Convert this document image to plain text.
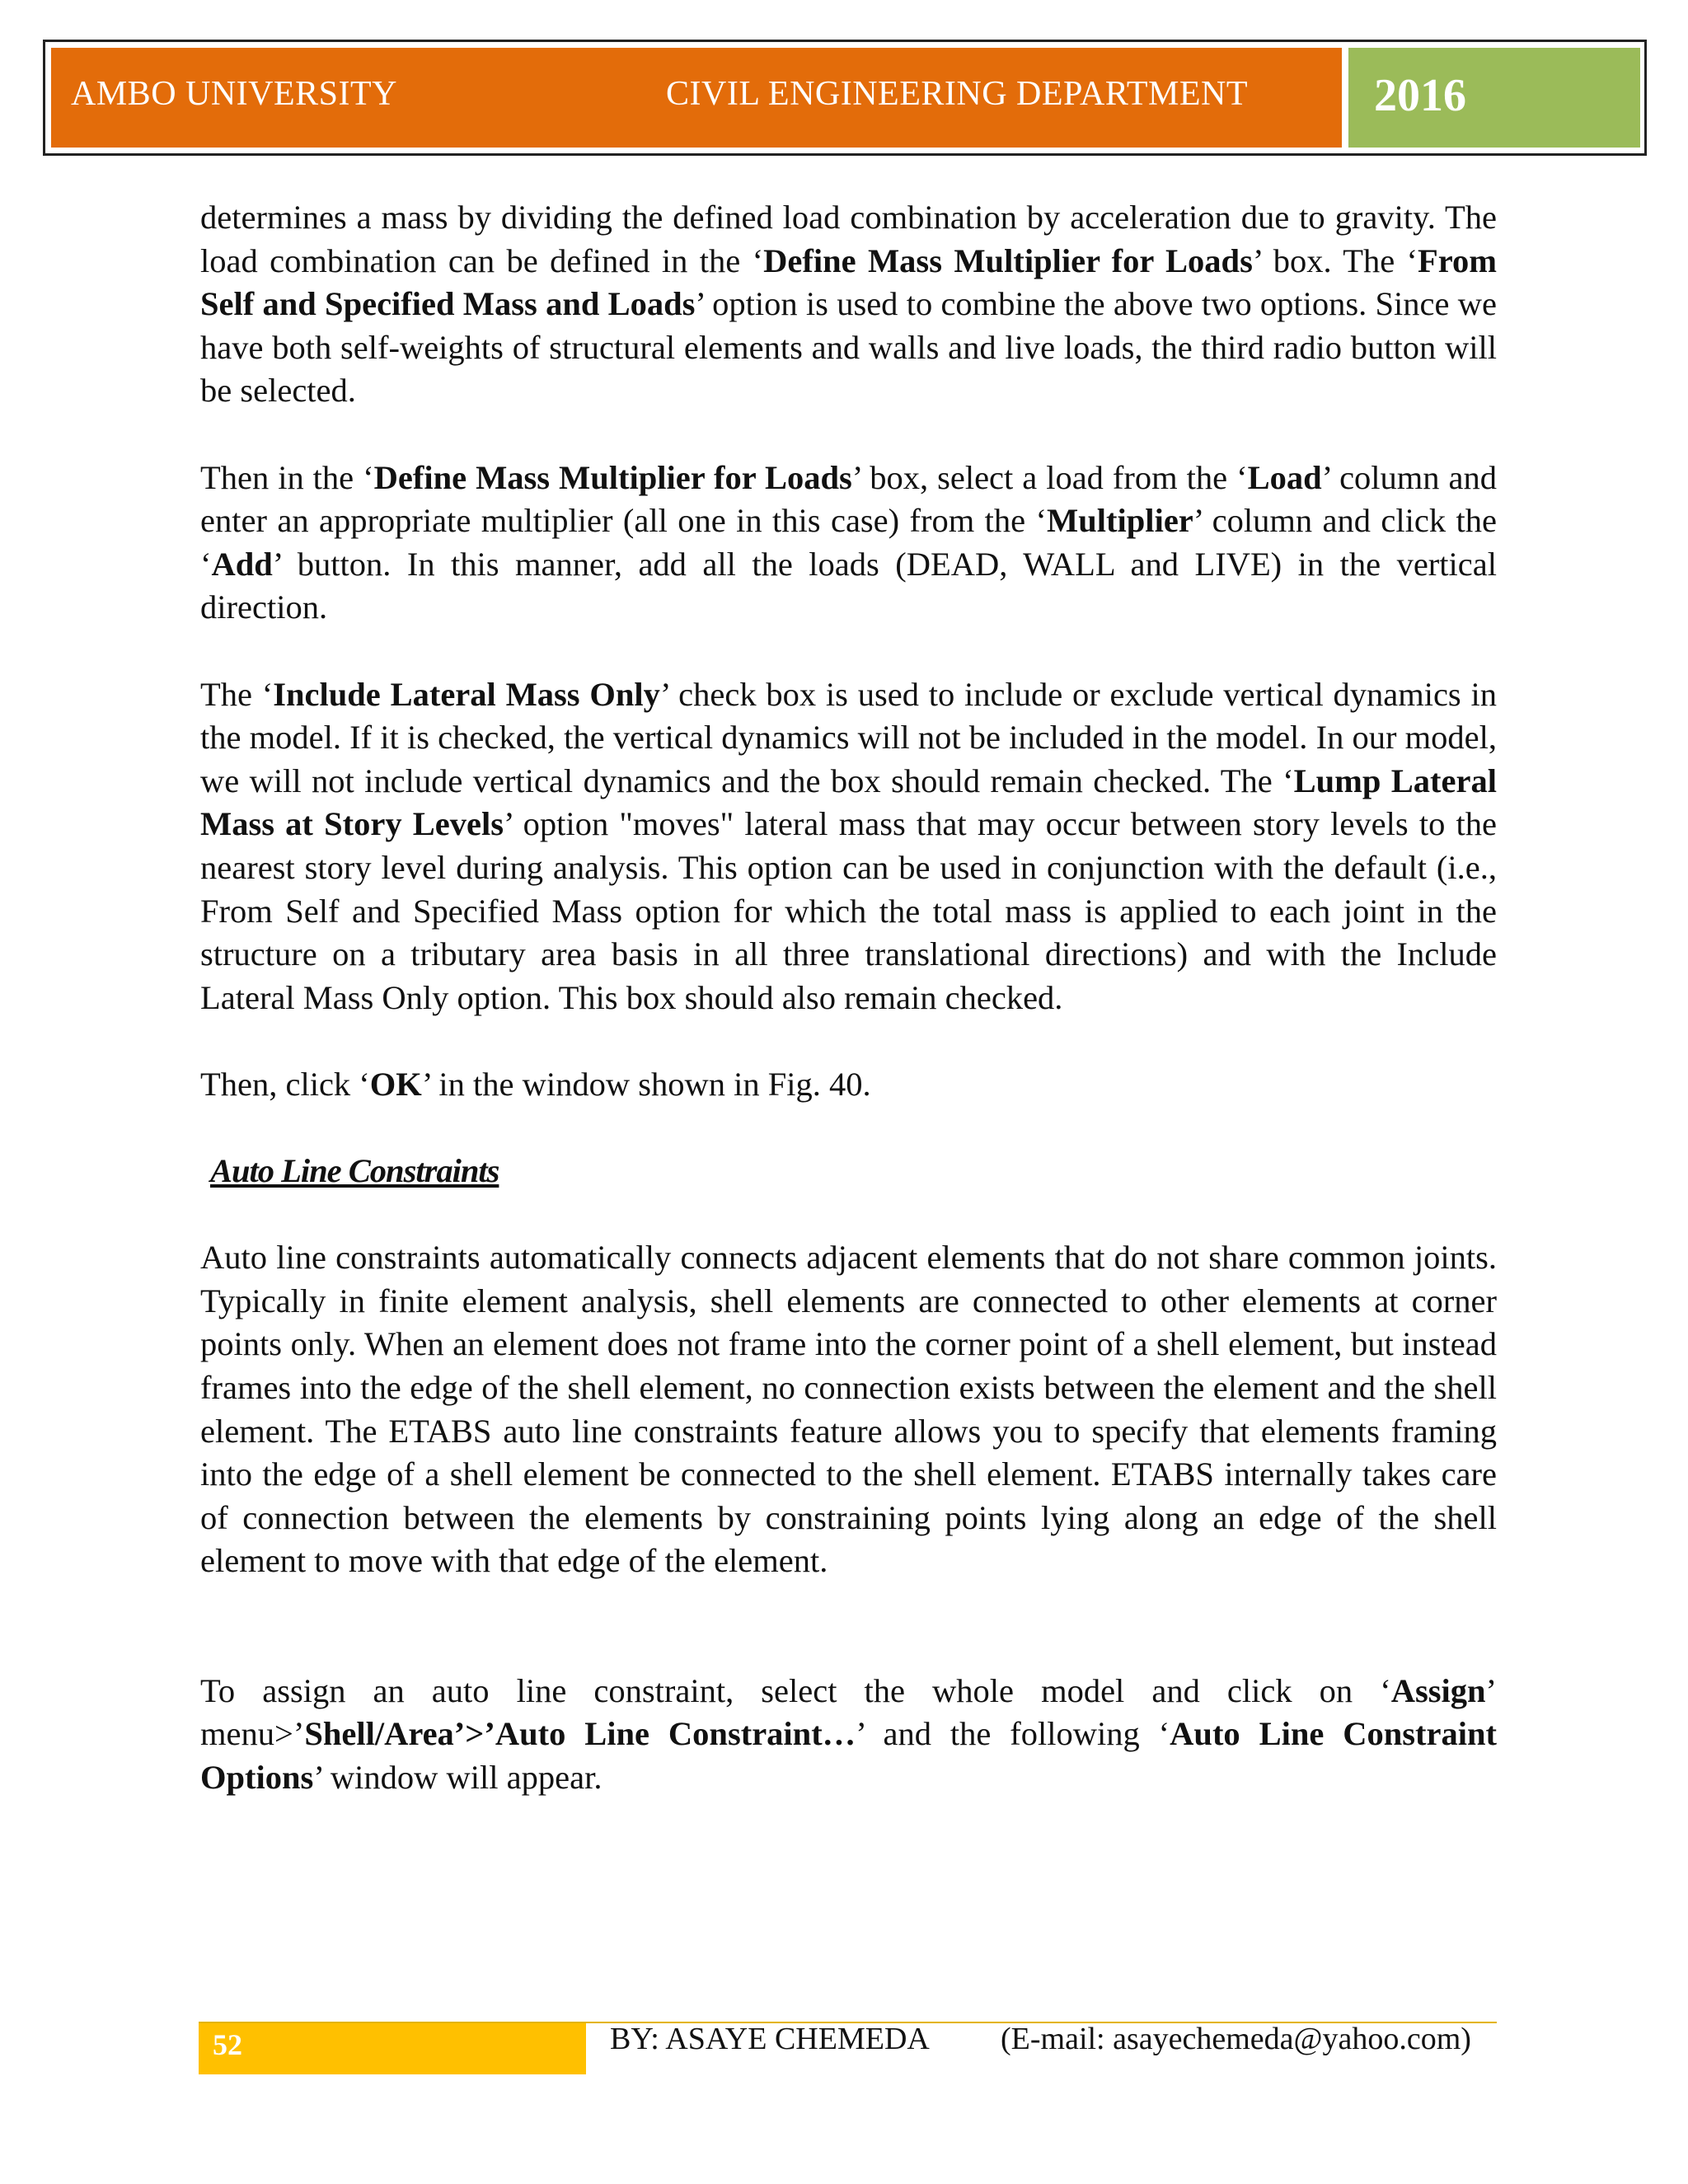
AMBO UNIVERSITY	CIVIL ENGINEERING DEPARTMENT	2016

determines a mass by dividing the defined load combination by acceleration due to gravity. The load combination can be defined in the ‘Define Mass Multiplier for Loads’ box. The ‘From Self and Specified Mass and Loads’ option is used to combine the above two options. Since we have both self-weights of structural elements and walls and live loads, the third radio button will be selected.

Then in the ‘Define Mass Multiplier for Loads’ box, select a load from the ‘Load’ column and enter an appropriate multiplier (all one in this case) from the ‘Multiplier’ column and click the ‘Add’ button. In this manner, add all the loads (DEAD, WALL and LIVE) in the vertical direction.

The ‘Include Lateral Mass Only’ check box is used to include or exclude vertical dynamics in the model. If it is checked, the vertical dynamics will not be included in the model. In our model, we will not include vertical dynamics and the box should remain checked. The ‘Lump Lateral Mass at Story Levels’ option "moves" lateral mass that may occur between story levels to the nearest story level during analysis. This option can be used in conjunction with the default (i.e., From Self and Specified Mass option for which the total mass is applied to each joint in the structure on a tributary area basis in all three translational directions) and with the Include Lateral Mass Only option. This box should also remain checked.

Then, click ‘OK’ in the window shown in Fig. 40.

Auto Line Constraints

Auto line constraints automatically connects adjacent elements that do not share common joints. Typically in finite element analysis, shell elements are connected to other elements at corner points only. When an element does not frame into the corner point of a shell element, but instead frames into the edge of the shell element, no connection exists between the element and the shell element. The ETABS auto line constraints feature allows you to specify that elements framing into the edge of a shell element be connected to the shell element. ETABS internally takes care of connection between the elements by constraining points lying along an edge of the shell element to move with that edge of the element.

To assign an auto line constraint, select the whole model and click on ‘Assign’ menu>’Shell/Area’>’Auto Line Constraint…’ and the following ‘Auto Line Constraint Options’ window will appear.

52	BY: ASAYE CHEMEDA (E-mail: asayechemeda@yahoo.com)
